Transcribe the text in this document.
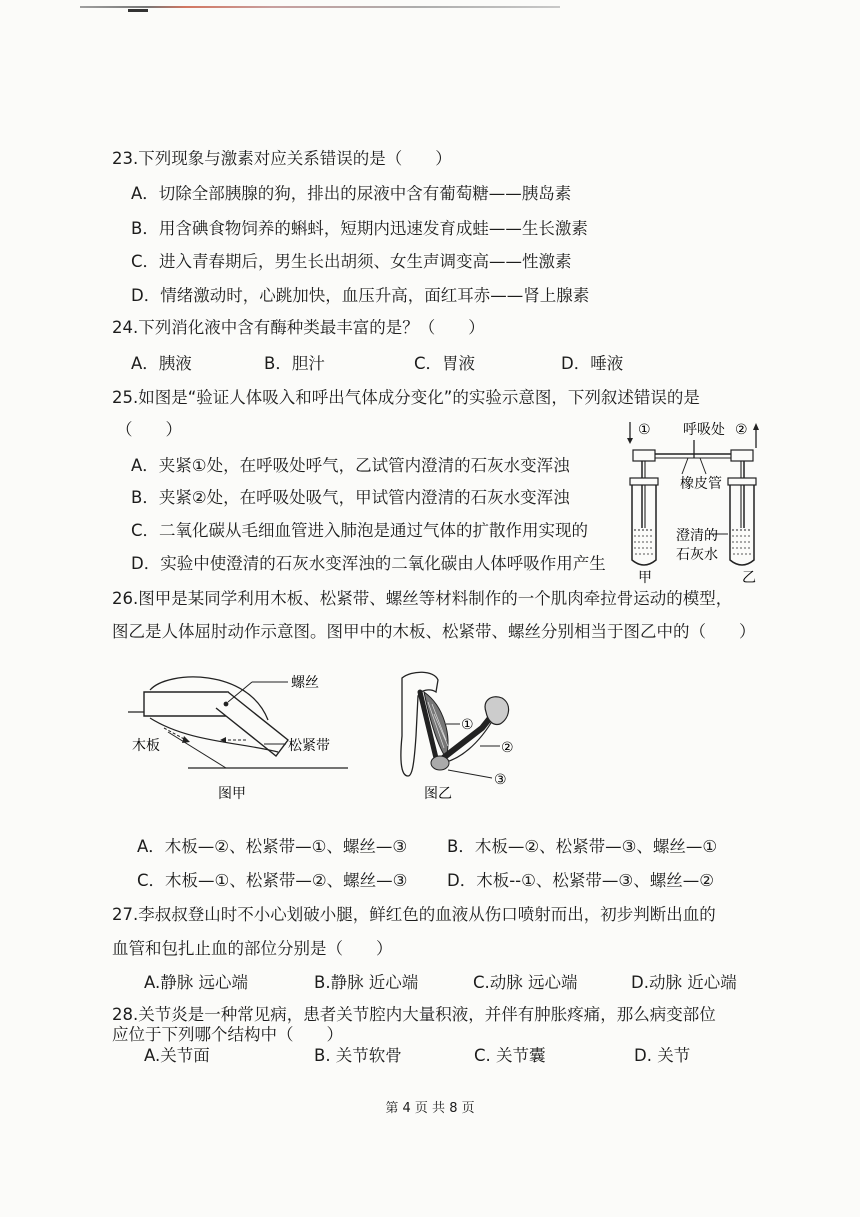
23.下列现象与激素对应关系错误的是（　　）
A．切除全部胰腺的狗，排出的尿液中含有葡萄糖——胰岛素
B．用含碘食物饲养的蝌蚪，短期内迅速发育成蛙——生长激素
C．进入青春期后，男生长出胡须、女生声调变高——性激素
D．情绪激动时，心跳加快，血压升高，面红耳赤——肾上腺素
24.下列消化液中含有酶种类最丰富的是？（　　）
A．胰液	B．胆汁	C．胃液	D．唾液
25.如图是“验证人体吸入和呼出气体成分变化”的实验示意图，下列叙述错误的是
（　　）
A．夹紧①处，在呼吸处呼气，乙试管内澄清的石灰水变浑浊
B．夹紧②处，在呼吸处吸气，甲试管内澄清的石灰水变浑浊
C．二氧化碳从毛细血管进入肺泡是通过气体的扩散作用实现的
D．实验中使澄清的石灰水变浑浊的二氧化碳由人体呼吸作用产生
① 呼吸处 ②
橡皮管
澄清的
石灰水
甲	乙
26.图甲是某同学利用木板、松紧带、螺丝等材料制作的一个肌肉牵拉骨运动的模型，
图乙是人体屈肘动作示意图。图甲中的木板、松紧带、螺丝分别相当于图乙中的（　　）
螺丝
木板	松紧带
图甲
①
②
③
图乙
A．木板—②、松紧带—①、螺丝—③ B．木板—②、松紧带—③、螺丝—①
C．木板—①、松紧带—②、螺丝—③ D．木板--①、松紧带—③、螺丝—②
27.李叔叔登山时不小心划破小腿，鲜红色的血液从伤口喷射而出，初步判断出血的
血管和包扎止血的部位分别是（　　）
A.静脉 远心端	B.静脉 近心端	C.动脉 远心端	D.动脉 近心端
28.关节炎是一种常见病，患者关节腔内大量积液，并伴有肿胀疼痛，那么病变部位
应位于下列哪个结构中（　　）
A.关节面	B. 关节软骨	C. 关节囊	D. 关节
第 4 页 共 8 页
